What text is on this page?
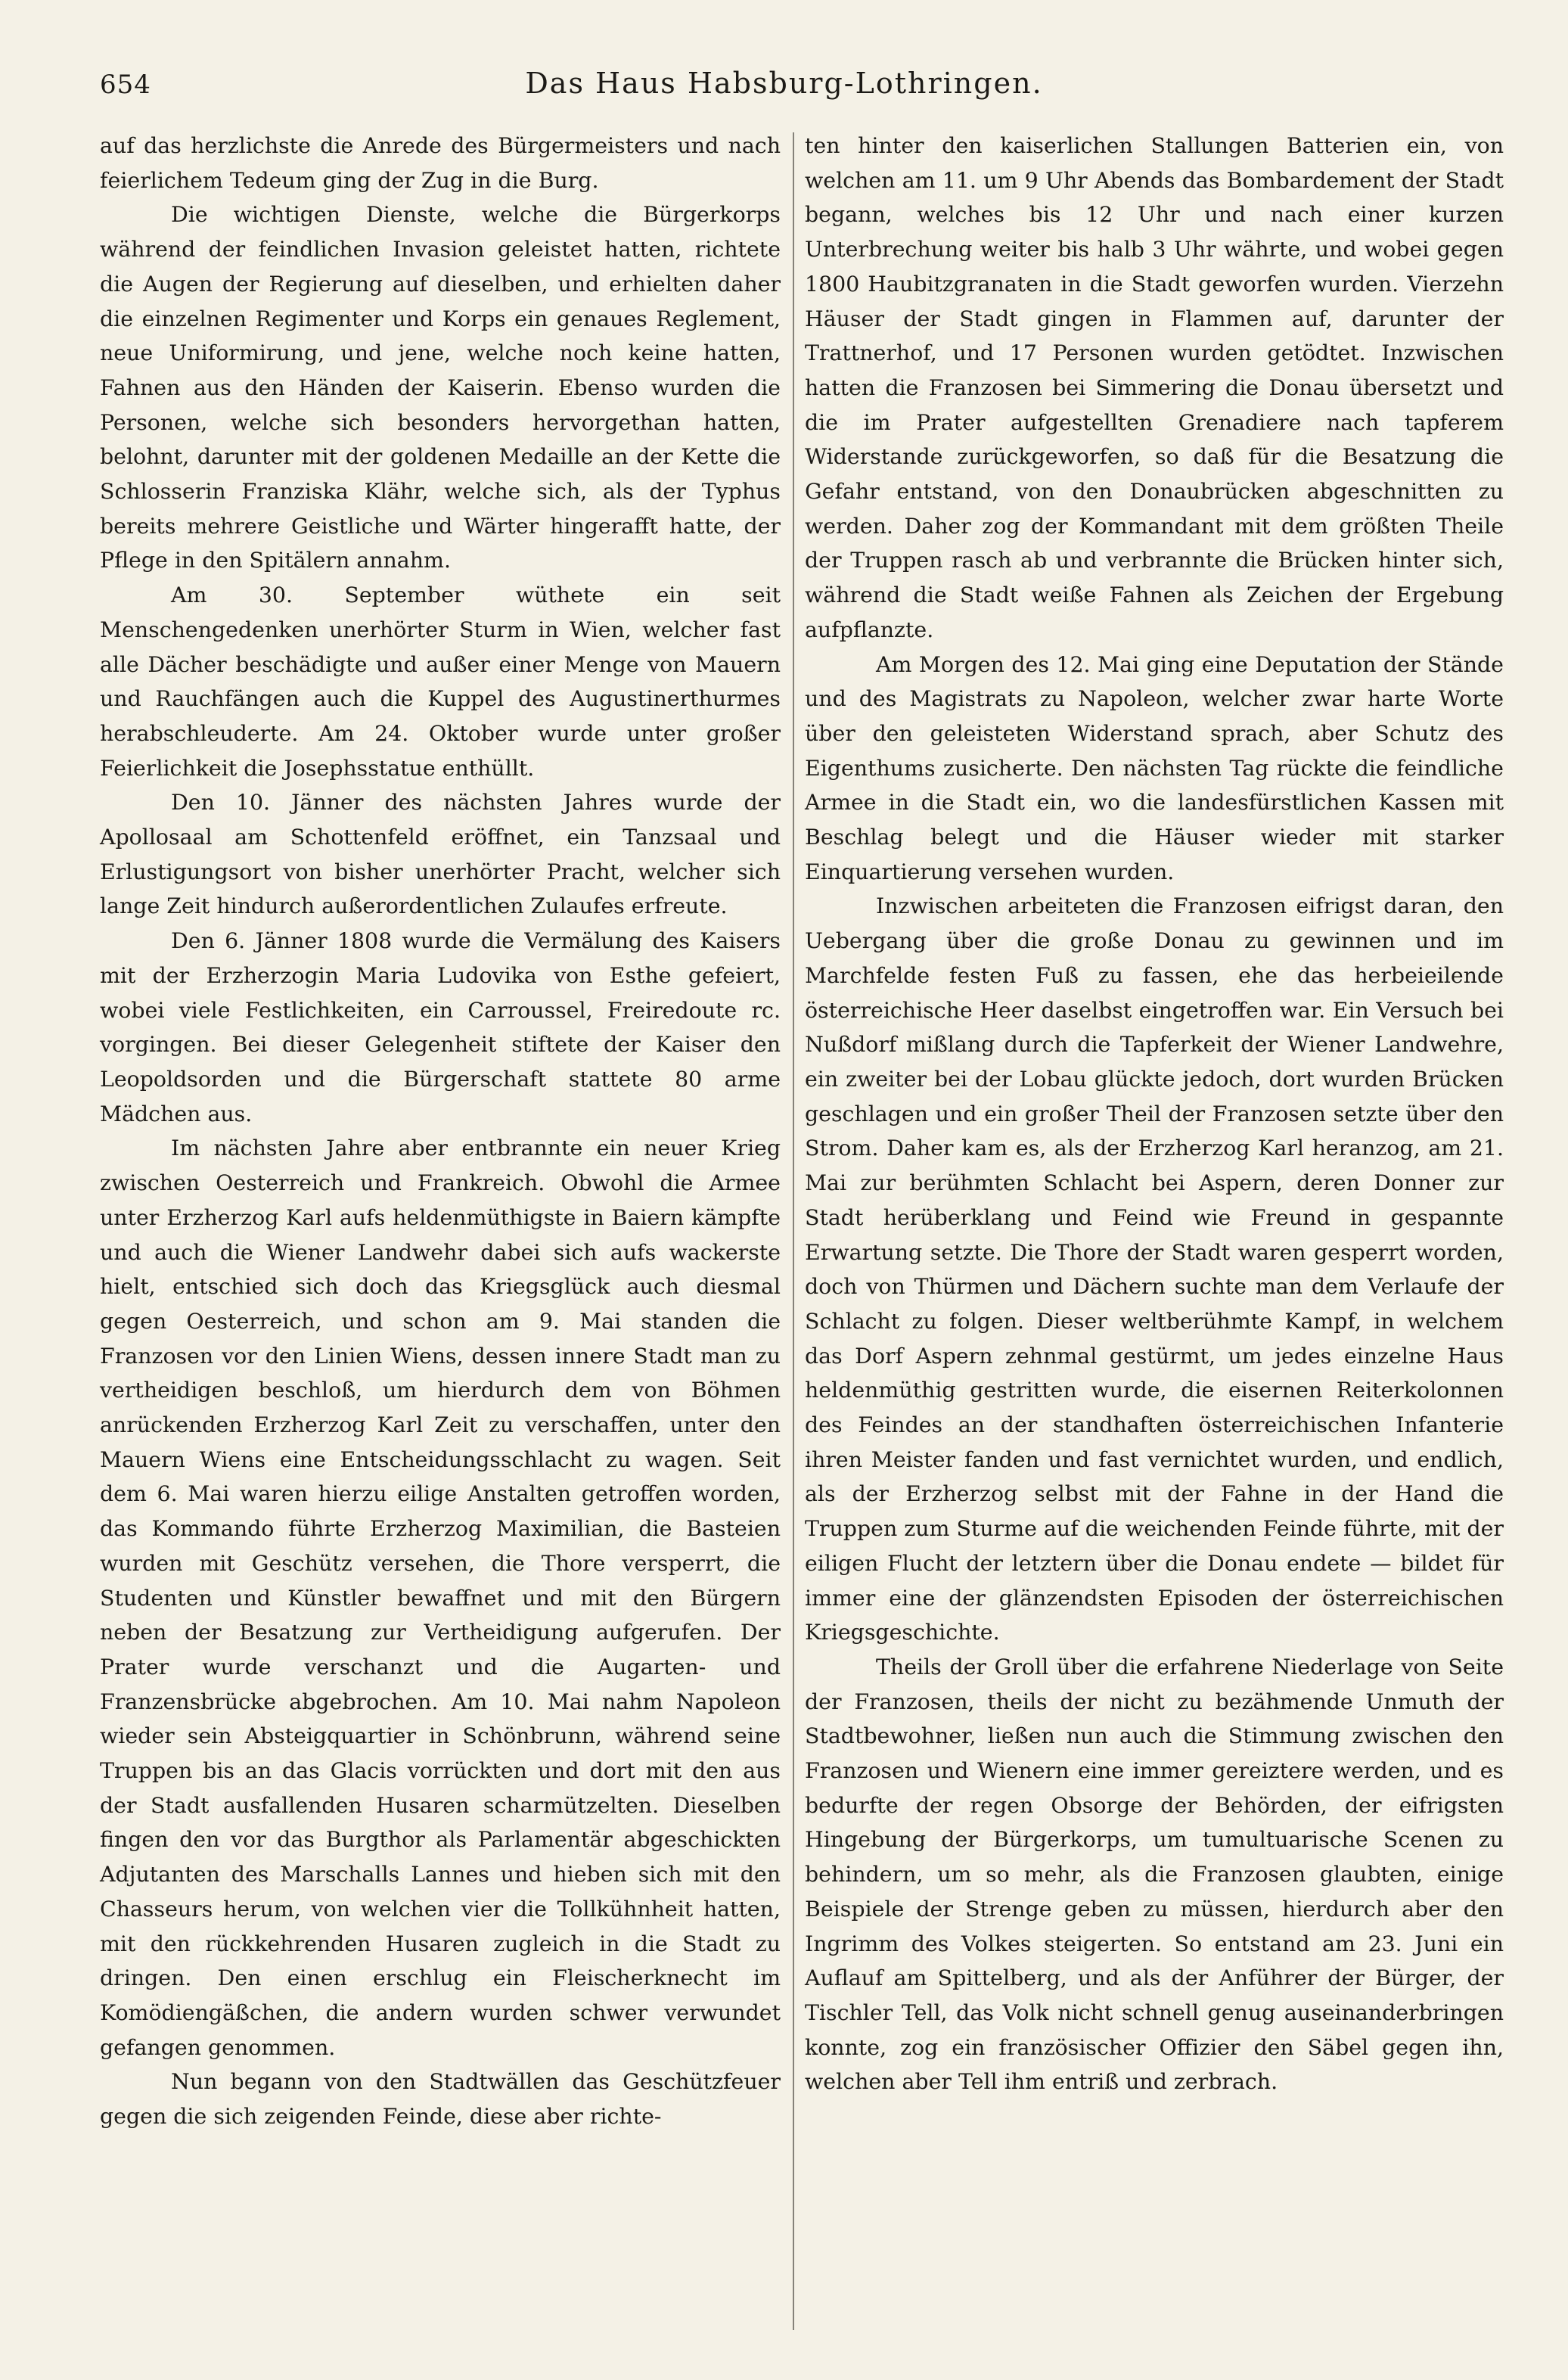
654	Das Haus Habsburg-Lothringen.

auf das herzlichste die Anrede des Bürgermeisters und nach feierlichem Tedeum ging der Zug in die Burg.

Die wichtigen Dienste, welche die Bürgerkorps während der feindlichen Invasion geleistet hatten, richtete die Augen der Regierung auf dieselben, und erhielten daher die einzelnen Regimenter und Korps ein genaues Reglement, neue Uniformirung, und jene, welche noch keine hatten, Fahnen aus den Händen der Kaiserin. Ebenso wurden die Personen, welche sich besonders hervorgethan hatten, belohnt, darunter mit der goldenen Medaille an der Kette die Schlosserin Franziska Klähr, welche sich, als der Typhus bereits mehrere Geistliche und Wärter hingerafft hatte, der Pflege in den Spitälern annahm.

Am 30. September wüthete ein seit Menschengedenken unerhörter Sturm in Wien, welcher fast alle Dächer beschädigte und außer einer Menge von Mauern und Rauchfängen auch die Kuppel des Augustinerthurmes herabschleuderte. Am 24. Oktober wurde unter großer Feierlichkeit die Josephsstatue enthüllt.

Den 10. Jänner des nächsten Jahres wurde der Apollosaal am Schottenfeld eröffnet, ein Tanzsaal und Erlustigungsort von bisher unerhörter Pracht, welcher sich lange Zeit hindurch außerordentlichen Zulaufes erfreute.

Den 6. Jänner 1808 wurde die Vermälung des Kaisers mit der Erzherzogin Maria Ludovika von Esthe gefeiert, wobei viele Festlichkeiten, ein Carroussel, Freiredoute rc. vorgingen. Bei dieser Gelegenheit stiftete der Kaiser den Leopoldsorden und die Bürgerschaft stattete 80 arme Mädchen aus.

Im nächsten Jahre aber entbrannte ein neuer Krieg zwischen Oesterreich und Frankreich. Obwohl die Armee unter Erzherzog Karl aufs heldenmüthigste in Baiern kämpfte und auch die Wiener Landwehr dabei sich aufs wackerste hielt, entschied sich doch das Kriegsglück auch diesmal gegen Oesterreich, und schon am 9. Mai standen die Franzosen vor den Linien Wiens, dessen innere Stadt man zu vertheidigen beschloß, um hierdurch dem von Böhmen anrückenden Erzherzog Karl Zeit zu verschaffen, unter den Mauern Wiens eine Entscheidungsschlacht zu wagen. Seit dem 6. Mai waren hierzu eilige Anstalten getroffen worden, das Kommando führte Erzherzog Maximilian, die Basteien wurden mit Geschütz versehen, die Thore versperrt, die Studenten und Künstler bewaffnet und mit den Bürgern neben der Besatzung zur Vertheidigung aufgerufen. Der Prater wurde verschanzt und die Augarten- und Franzensbrücke abgebrochen. Am 10. Mai nahm Napoleon wieder sein Absteigquartier in Schönbrunn, während seine Truppen bis an das Glacis vorrückten und dort mit den aus der Stadt ausfallenden Husaren scharmützelten. Dieselben fingen den vor das Burgthor als Parlamentär abgeschickten Adjutanten des Marschalls Lannes und hieben sich mit den Chasseurs herum, von welchen vier die Tollkühnheit hatten, mit den rückkehrenden Husaren zugleich in die Stadt zu dringen. Den einen erschlug ein Fleischerknecht im Komödiengäßchen, die andern wurden schwer verwundet gefangen genommen.

Nun begann von den Stadtwällen das Geschützfeuer gegen die sich zeigenden Feinde, diese aber richte-

ten hinter den kaiserlichen Stallungen Batterien ein, von welchen am 11. um 9 Uhr Abends das Bombardement der Stadt begann, welches bis 12 Uhr und nach einer kurzen Unterbrechung weiter bis halb 3 Uhr währte, und wobei gegen 1800 Haubitzgranaten in die Stadt geworfen wurden. Vierzehn Häuser der Stadt gingen in Flammen auf, darunter der Trattnerhof, und 17 Personen wurden getödtet. Inzwischen hatten die Franzosen bei Simmering die Donau übersetzt und die im Prater aufgestellten Grenadiere nach tapferem Widerstande zurückgeworfen, so daß für die Besatzung die Gefahr entstand, von den Donaubrücken abgeschnitten zu werden. Daher zog der Kommandant mit dem größten Theile der Truppen rasch ab und verbrannte die Brücken hinter sich, während die Stadt weiße Fahnen als Zeichen der Ergebung aufpflanzte.

Am Morgen des 12. Mai ging eine Deputation der Stände und des Magistrats zu Napoleon, welcher zwar harte Worte über den geleisteten Widerstand sprach, aber Schutz des Eigenthums zusicherte. Den nächsten Tag rückte die feindliche Armee in die Stadt ein, wo die landesfürstlichen Kassen mit Beschlag belegt und die Häuser wieder mit starker Einquartierung versehen wurden.

Inzwischen arbeiteten die Franzosen eifrigst daran, den Uebergang über die große Donau zu gewinnen und im Marchfelde festen Fuß zu fassen, ehe das herbeieilende österreichische Heer daselbst eingetroffen war. Ein Versuch bei Nußdorf mißlang durch die Tapferkeit der Wiener Landwehre, ein zweiter bei der Lobau glückte jedoch, dort wurden Brücken geschlagen und ein großer Theil der Franzosen setzte über den Strom. Daher kam es, als der Erzherzog Karl heranzog, am 21. Mai zur berühmten Schlacht bei Aspern, deren Donner zur Stadt herüberklang und Feind wie Freund in gespannte Erwartung setzte. Die Thore der Stadt waren gesperrt worden, doch von Thürmen und Dächern suchte man dem Verlaufe der Schlacht zu folgen. Dieser weltberühmte Kampf, in welchem das Dorf Aspern zehnmal gestürmt, um jedes einzelne Haus heldenmüthig gestritten wurde, die eisernen Reiterkolonnen des Feindes an der standhaften österreichischen Infanterie ihren Meister fanden und fast vernichtet wurden, und endlich, als der Erzherzog selbst mit der Fahne in der Hand die Truppen zum Sturme auf die weichenden Feinde führte, mit der eiligen Flucht der letztern über die Donau endete — bildet für immer eine der glänzendsten Episoden der österreichischen Kriegsgeschichte.

Theils der Groll über die erfahrene Niederlage von Seite der Franzosen, theils der nicht zu bezähmende Unmuth der Stadtbewohner, ließen nun auch die Stimmung zwischen den Franzosen und Wienern eine immer gereiztere werden, und es bedurfte der regen Obsorge der Behörden, der eifrigsten Hingebung der Bürgerkorps, um tumultuarische Scenen zu behindern, um so mehr, als die Franzosen glaubten, einige Beispiele der Strenge geben zu müssen, hierdurch aber den Ingrimm des Volkes steigerten. So entstand am 23. Juni ein Auflauf am Spittelberg, und als der Anführer der Bürger, der Tischler Tell, das Volk nicht schnell genug auseinanderbringen konnte, zog ein französischer Offizier den Säbel gegen ihn, welchen aber Tell ihm entriß und zerbrach.
